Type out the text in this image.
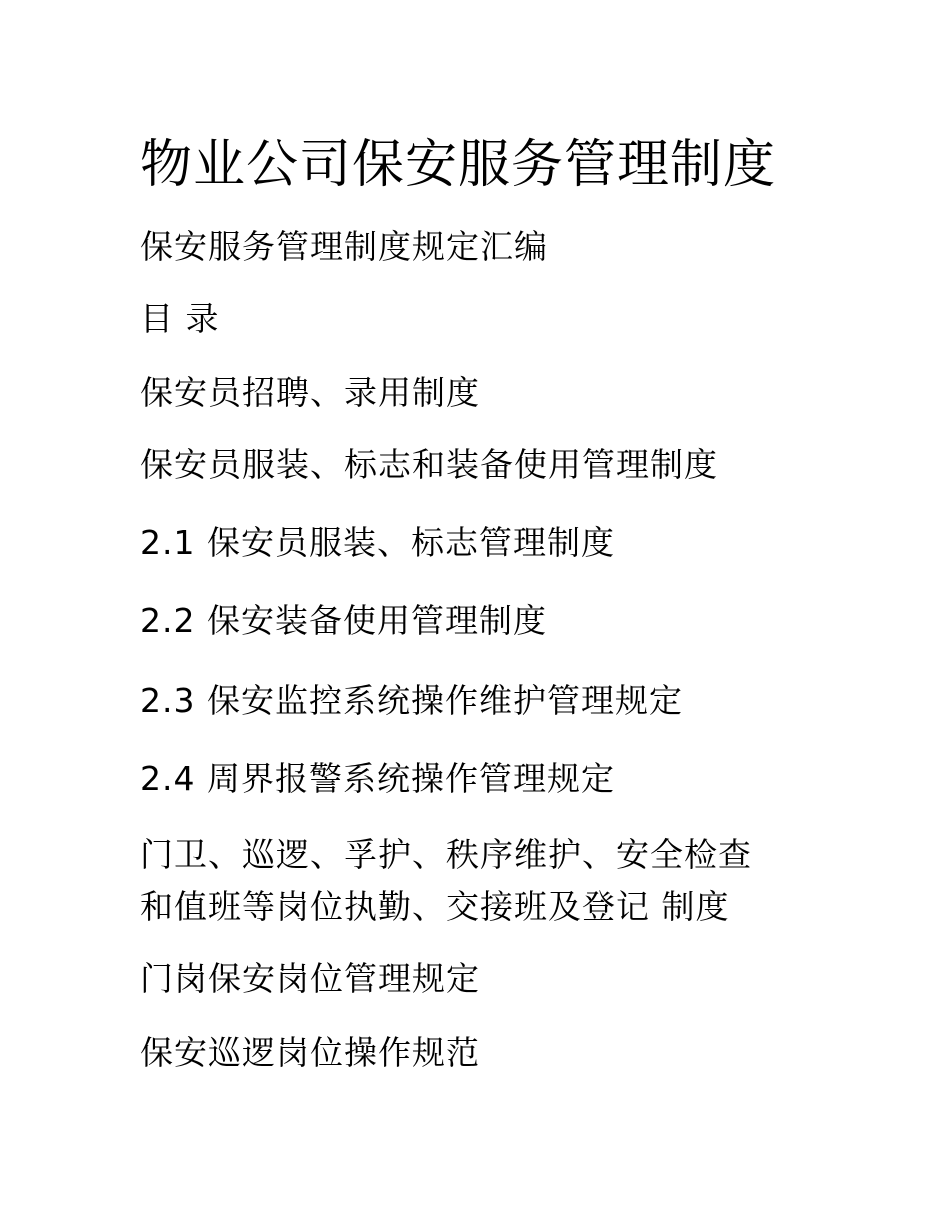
物业公司保安服务管理制度

保安服务管理制度规定汇编

目 录

保安员招聘、录用制度

保安员服装、标志和装备使用管理制度

2.1 保安员服装、标志管理制度

2.2 保安装备使用管理制度

2.3 保安监控系统操作维护管理规定

2.4 周界报警系统操作管理规定

门卫、巡逻、孚护、秩序维护、安全检查

和值班等岗位执勤、交接班及登记 制度

门岗保安岗位管理规定

保安巡逻岗位操作规范
